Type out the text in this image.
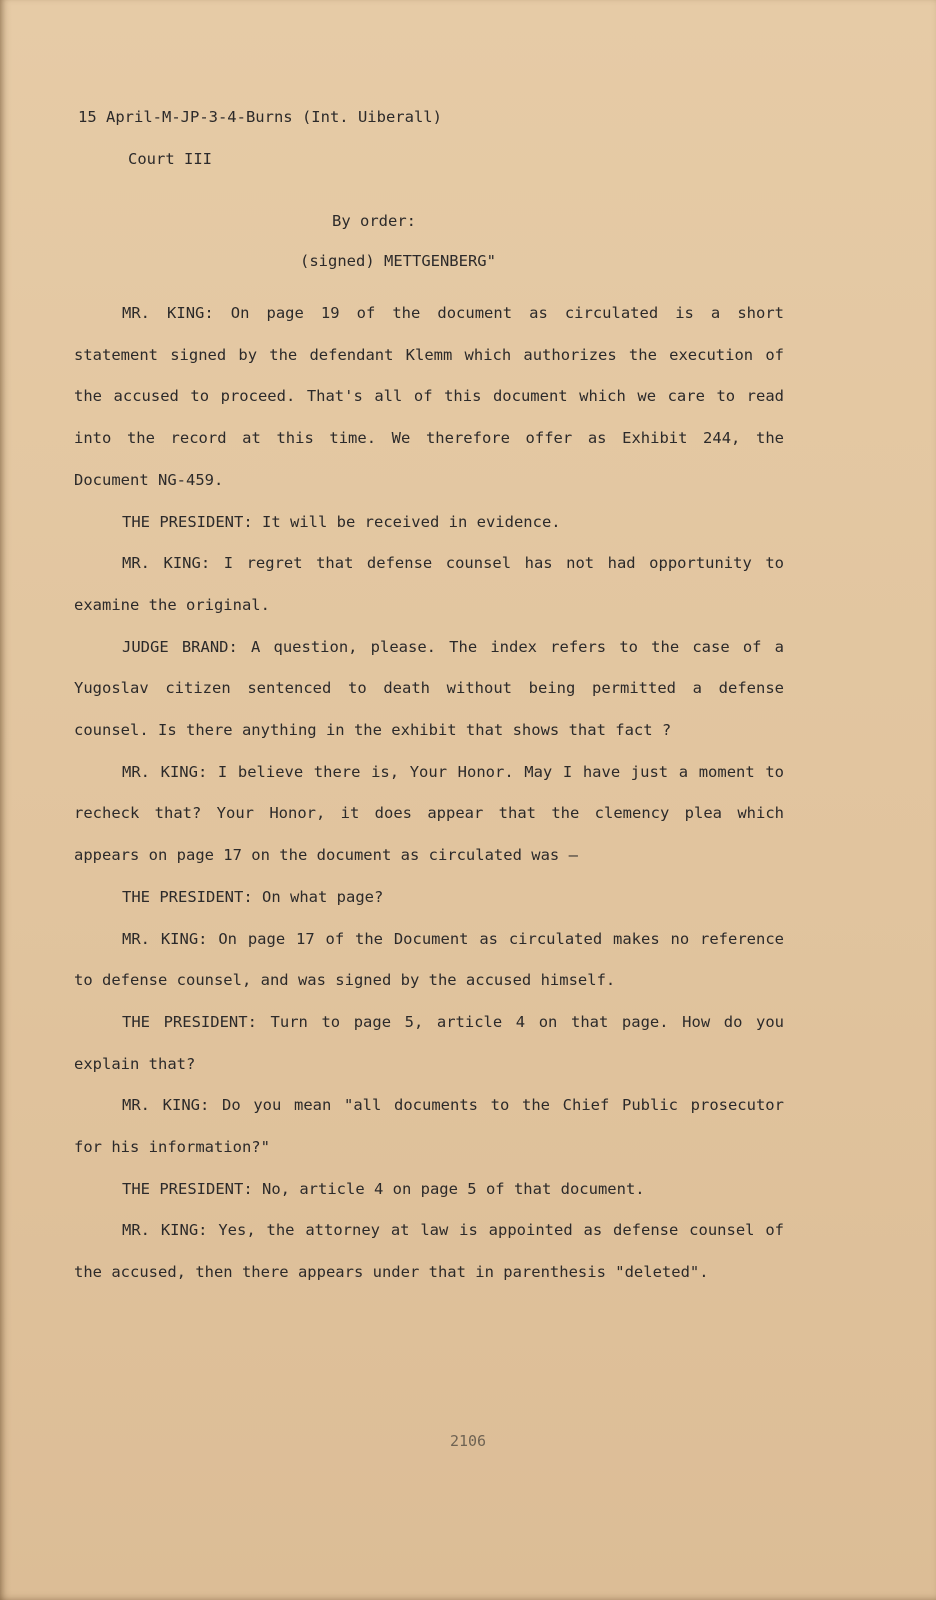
15 April-M-JP-3-4-Burns (Int. Uiberall)
Court III
By order:
(signed) METTGENBERG"

MR. KING: On page 19 of the document as circulated is a short statement signed by the defendant Klemm which authorizes the execution of the accused to proceed. That's all of this document which we care to read into the record at this time. We therefore offer as Exhibit 244, the Document NG-459.

THE PRESIDENT: It will be received in evidence.

MR. KING: I regret that defense counsel has not had opportunity to examine the original.

JUDGE BRAND: A question, please. The index refers to the case of a Yugoslav citizen sentenced to death without being permitted a defense counsel. Is there anything in the exhibit that shows that fact ?

MR. KING: I believe there is, Your Honor. May I have just a moment to recheck that? Your Honor, it does appear that the clemency plea which appears on page 17 on the document as circulated was —

THE PRESIDENT: On what page?

MR. KING: On page 17 of the Document as circulated makes no reference to defense counsel, and was signed by the accused himself.

THE PRESIDENT: Turn to page 5, article 4 on that page. How do you explain that?

MR. KING: Do you mean "all documents to the Chief Public prosecutor for his information?"

THE PRESIDENT: No, article 4 on page 5 of that document.

MR. KING: Yes, the attorney at law is appointed as defense counsel of the accused, then there appears under that in parenthesis "deleted".

2106
